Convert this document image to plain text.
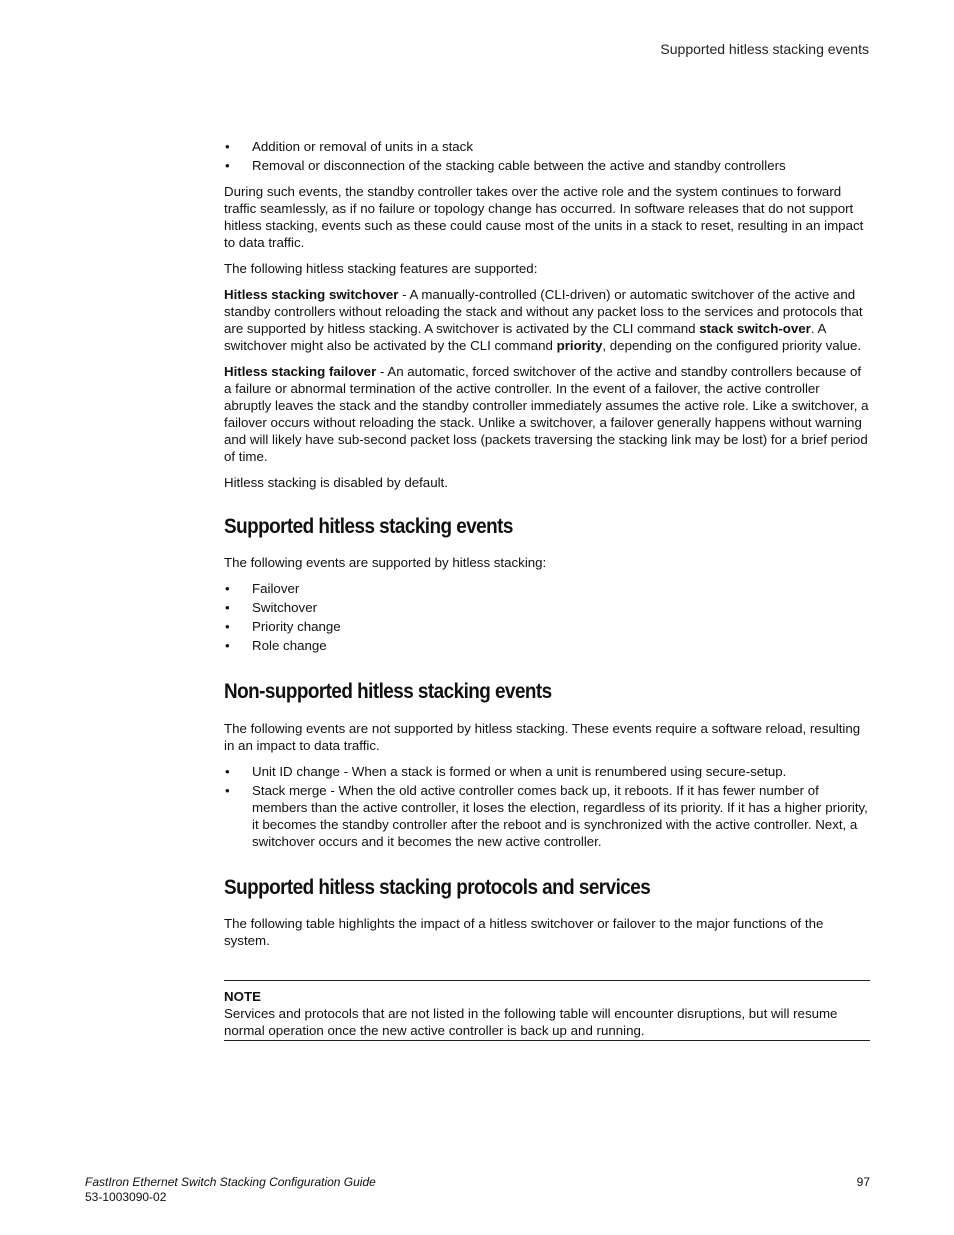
Supported hitless stacking events
• Addition or removal of units in a stack
• Removal or disconnection of the stacking cable between the active and standby controllers

During such events, the standby controller takes over the active role and the system continues to forward traffic seamlessly, as if no failure or topology change has occurred. In software releases that do not support hitless stacking, events such as these could cause most of the units in a stack to reset, resulting in an impact to data traffic.

The following hitless stacking features are supported:

Hitless stacking switchover - A manually-controlled (CLI-driven) or automatic switchover of the active and standby controllers without reloading the stack and without any packet loss to the services and protocols that are supported by hitless stacking. A switchover is activated by the CLI command stack switch-over. A switchover might also be activated by the CLI command priority, depending on the configured priority value.

Hitless stacking failover - An automatic, forced switchover of the active and standby controllers because of a failure or abnormal termination of the active controller. In the event of a failover, the active controller abruptly leaves the stack and the standby controller immediately assumes the active role. Like a switchover, a failover occurs without reloading the stack. Unlike a switchover, a failover generally happens without warning and will likely have sub-second packet loss (packets traversing the stacking link may be lost) for a brief period of time.

Hitless stacking is disabled by default.

Supported hitless stacking events

The following events are supported by hitless stacking:

• Failover
• Switchover
• Priority change
• Role change
Non-supported hitless stacking events

The following events are not supported by hitless stacking. These events require a software reload, resulting in an impact to data traffic.

• Unit ID change - When a stack is formed or when a unit is renumbered using secure-setup.
• Stack merge - When the old active controller comes back up, it reboots. If it has fewer number of members than the active controller, it loses the election, regardless of its priority. If it has a higher priority, it becomes the standby controller after the reboot and is synchronized with the active controller. Next, a switchover occurs and it becomes the new active controller.
Supported hitless stacking protocols and services

The following table highlights the impact of a hitless switchover or failover to the major functions of the system.

NOTE

Services and protocols that are not listed in the following table will encounter disruptions, but will resume normal operation once the new active controller is back up and running.

FastIron Ethernet Switch Stacking Configuration Guide
53-1003090-02
97
